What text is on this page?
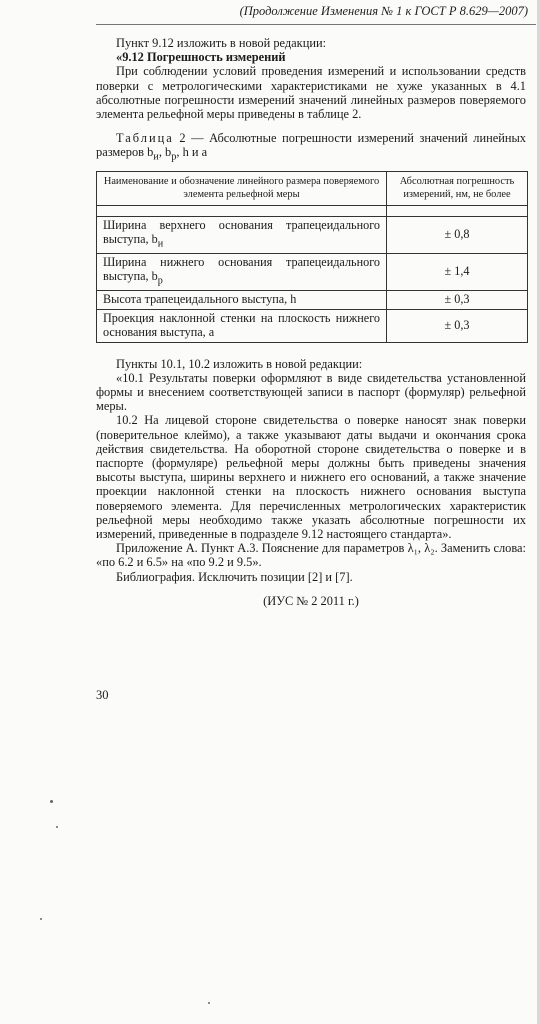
(Продолжение Изменения № 1 к ГОСТ Р 8.629—2007)

Пункт 9.12 изложить в новой редакции:

«9.12 Погрешность измерений

При соблюдении условий проведения измерений и использовании средств поверки с метрологическими характеристиками не хуже указанных в 4.1 абсолютные погрешности измерений значений линейных размеров поверяемого элемента рельефной меры приведены в таблице 2.

Таблица 2 — Абсолютные погрешности измерений значений линейных размеров $b_и$, $b_р$, h и a

Наименование и обозначение линейного размера поверяемого элемента рельефной меры	Абсолютная погрешность измерений, нм, не более

Ширина верхнего основания трапецеидального выступа, $b_и$	± 0,8
Ширина нижнего основания трапецеидального выступа, $b_р$	± 1,4
Высота трапецеидального выступа, h	± 0,3
Проекция наклонной стенки на плоскость нижнего основания выступа, a	± 0,3

Пункты 10.1, 10.2 изложить в новой редакции:

«10.1 Результаты поверки оформляют в виде свидетельства установленной формы и внесением соответствующей записи в паспорт (формуляр) рельефной меры.

10.2 На лицевой стороне свидетельства о поверке наносят знак поверки (поверительное клеймо), а также указывают даты выдачи и окончания срока действия свидетельства. На оборотной стороне свидетельства о поверке и в паспорте (формуляре) рельефной меры должны быть приведены значения высоты выступа, ширины верхнего и нижнего его оснований, а также значение проекции наклонной стенки на плоскость нижнего основания выступа поверяемого элемента. Для перечисленных метрологических характеристик рельефной меры необходимо также указать абсолютные погрешности их измерений, приведенные в подразделе 9.12 настоящего стандарта».

Приложение А. Пункт А.3. Пояснение для параметров λ₁, λ₂. Заменить слова: «по 6.2 и 6.5» на «по 9.2 и 9.5».

Библиография. Исключить позиции [2] и [7].

(ИУС № 2 2011 г.)

30
